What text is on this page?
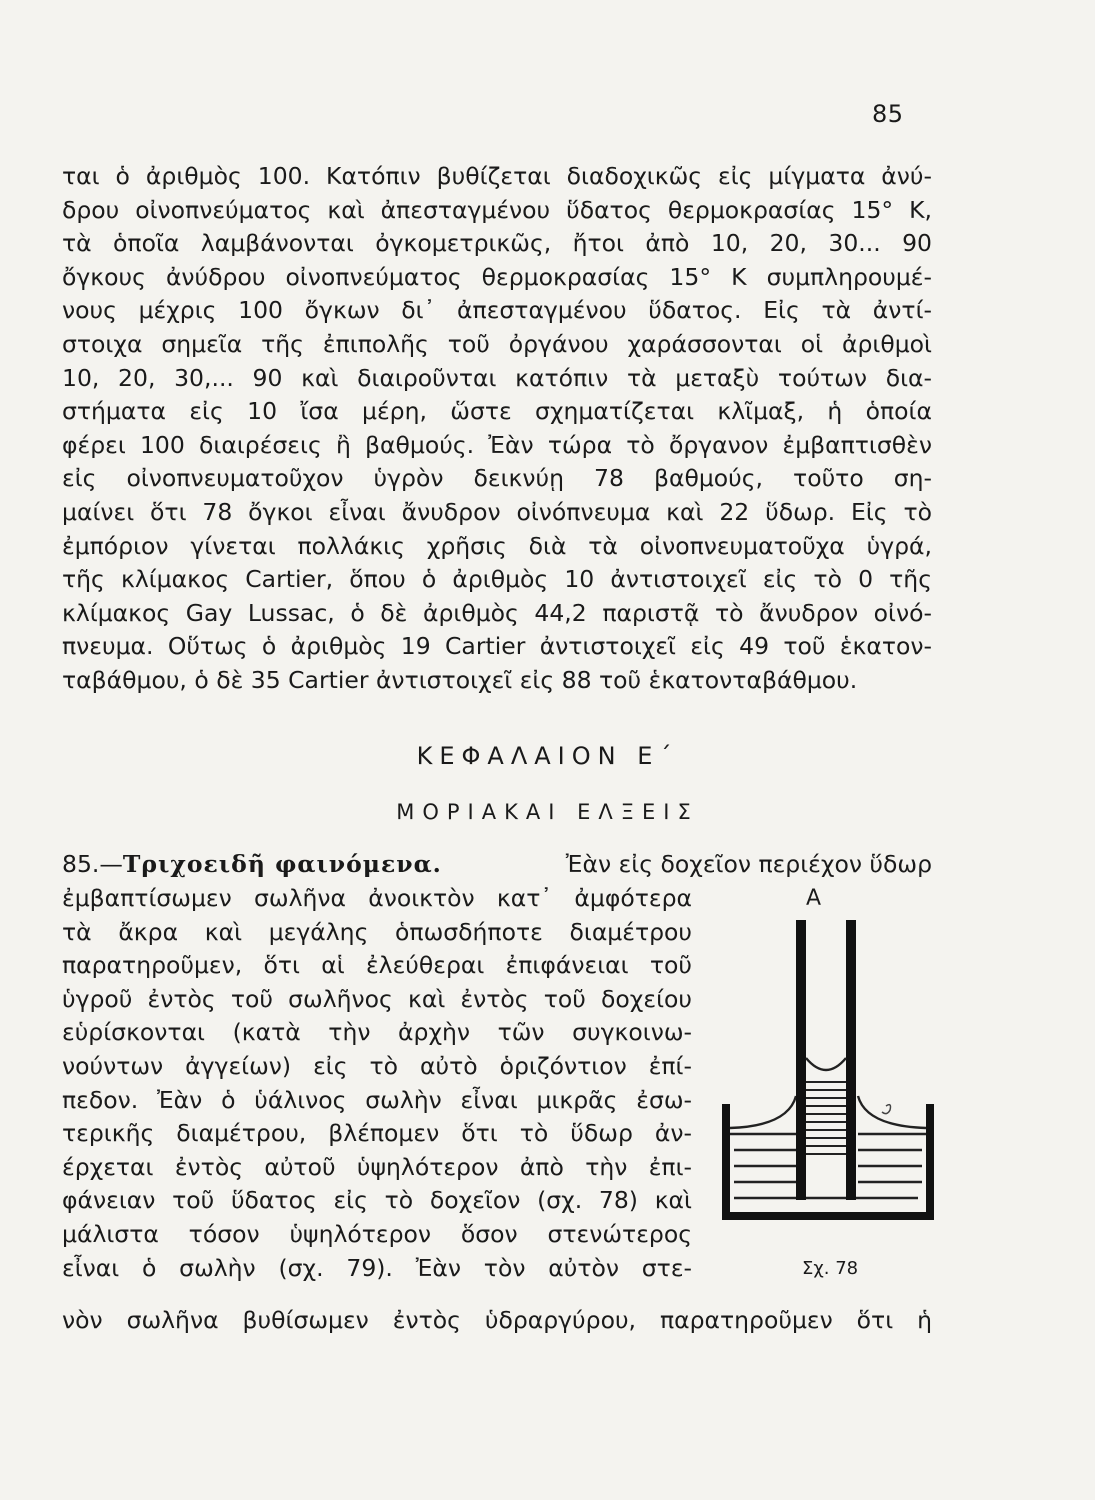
85
ται ὁ ἀριθμὸς 100. Κατόπιν βυθίζεται διαδοχικῶς εἰς μίγματα ἀνύ-
δρου οἰνοπνεύματος καὶ ἀπεσταγμένου ὕδατος θερμοκρασίας 15° Κ,
τὰ ὁποῖα λαμβάνονται ὀγκομετρικῶς, ἤτοι ἀπὸ 10, 20, 30... 90
ὄγκους ἀνύδρου οἰνοπνεύματος θερμοκρασίας 15° Κ συμπληρουμέ-
νους μέχρις 100 ὄγκων δι᾽ ἀπεσταγμένου ὕδατος. Εἰς τὰ ἀντί-
στοιχα σημεῖα τῆς ἐπιπολῆς τοῦ ὀργάνου χαράσσονται οἱ ἀριθμοὶ
10, 20, 30,... 90 καὶ διαιροῦνται κατόπιν τὰ μεταξὺ τούτων δια-
στήματα εἰς 10 ἴσα μέρη, ὥστε σχηματίζεται κλῖμαξ, ἡ ὁποία
φέρει 100 διαιρέσεις ἢ βαθμούς. Ἐὰν τώρα τὸ ὄργανον ἐμβαπτισθὲν
εἰς οἰνοπνευματοῦχον ὑγρὸν δεικνύῃ 78 βαθμούς, τοῦτο ση-
μαίνει ὅτι 78 ὄγκοι εἶναι ἄνυδρον οἰνόπνευμα καὶ 22 ὕδωρ. Εἰς τὸ
ἐμπόριον γίνεται πολλάκις χρῆσις διὰ τὰ οἰνοπνευματοῦχα ὑγρά,
τῆς κλίμακος Cartier, ὅπου ὁ ἀριθμὸς 10 ἀντιστοιχεῖ εἰς τὸ 0 τῆς
κλίμακος Gay Lussac, ὁ δὲ ἀριθμὸς 44,2 παριστᾷ τὸ ἄνυδρον οἰνό-
πνευμα. Οὕτως ὁ ἀριθμὸς 19 Cartier ἀντιστοιχεῖ εἰς 49 τοῦ ἑκατον-
ταβάθμου, ὁ δὲ 35 Cartier ἀντιστοιχεῖ εἰς 88 τοῦ ἑκατονταβάθμου.
ΚΕΦΑΛΑΙΟΝ Ε΄
ΜΟΡΙΑΚΑΙ ΕΛΞΕΙΣ
85.—Τριχοειδῆ φαινόμενα.	Ἐὰν εἰς δοχεῖον περιέχον ὕδωρ
ἐμβαπτίσωμεν σωλῆνα ἀνοικτὸν κατ᾽ ἀμφότερα
τὰ ἄκρα καὶ μεγάλης ὁπωσδήποτε διαμέτρου
παρατηροῦμεν, ὅτι αἱ ἐλεύθεραι ἐπιφάνειαι τοῦ
ὑγροῦ ἐντὸς τοῦ σωλῆνος καὶ ἐντὸς τοῦ δοχείου
εὑρίσκονται (κατὰ τὴν ἀρχὴν τῶν συγκοινω-
νούντων ἀγγείων) εἰς τὸ αὐτὸ ὁριζόντιον ἐπί-
πεδον. Ἐὰν ὁ ὑάλινος σωλὴν εἶναι μικρᾶς ἐσω-
τερικῆς διαμέτρου, βλέπομεν ὅτι τὸ ὕδωρ ἀν-
έρχεται ἐντὸς αὐτοῦ ὑψηλότερον ἀπὸ τὴν ἐπι-
φάνειαν τοῦ ὕδατος εἰς τὸ δοχεῖον (σχ. 78) καὶ
μάλιστα τόσον ὑψηλότερον ὅσον στενώτερος
εἶναι ὁ σωλὴν (σχ. 79). Ἐὰν τὸν αὐτὸν στε-
νὸν σωλῆνα βυθίσωμεν ἐντὸς ὑδραργύρου, παρατηροῦμεν ὅτι ἡ
Α
Σχ. 78
